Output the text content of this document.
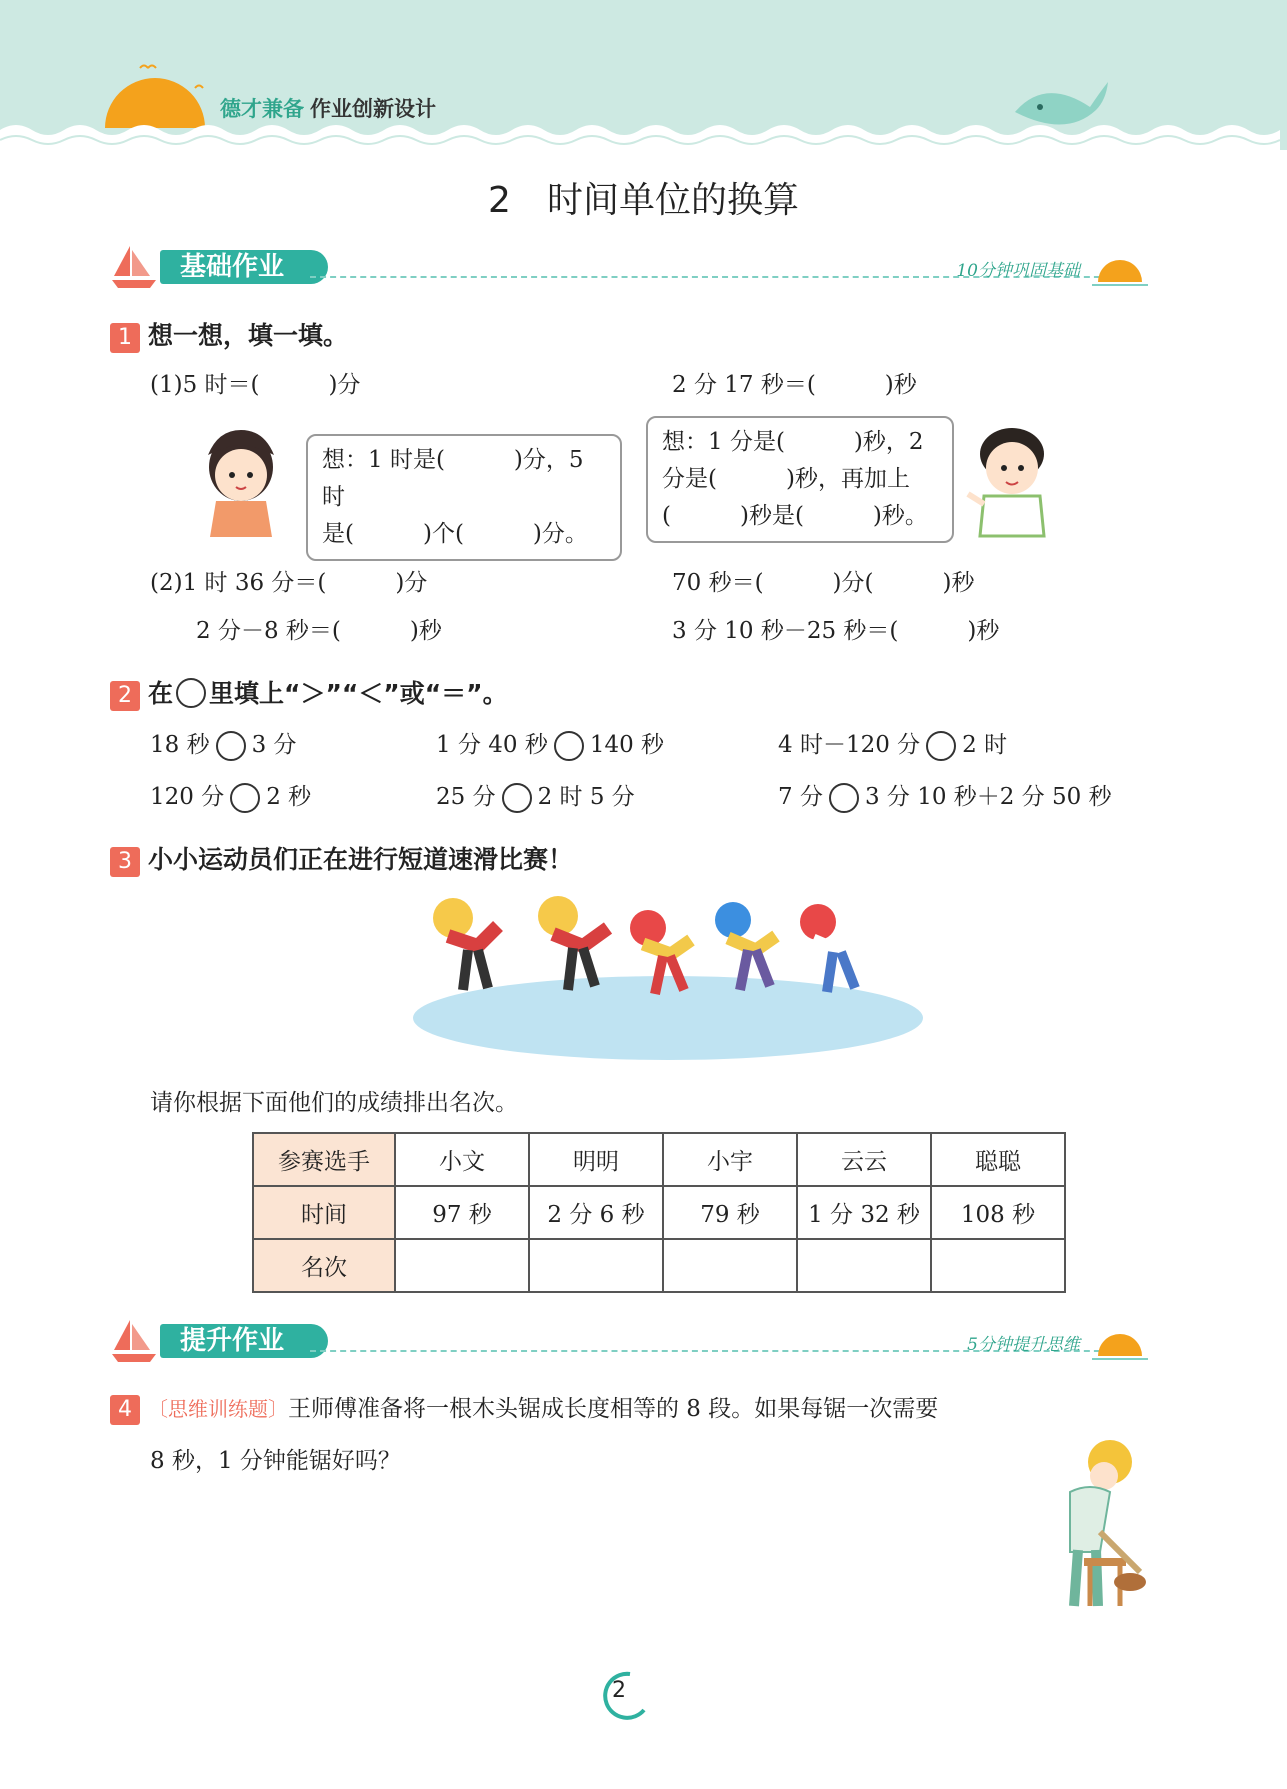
德才兼备 作业创新设计
2　时间单位的换算
基础作业	10分钟巩固基础
1 想一想，填一填。
(1)5 时＝(　　　)分	2 分 17 秒＝(　　　)秒
想：1 时是(　　　)分，5 时
是(　　　)个(　　　)分。
想：1 分是(　　　)秒，2
分是(　　　)秒，再加上
(　　　)秒是(　　　)秒。
(2)1 时 36 分＝(　　　)分	70 秒＝(　　　)分(　　　)秒
2 分－8 秒＝(　　　)秒	3 分 10 秒－25 秒＝(　　　)秒
2 在 里填上“＞”“＜”或“＝”。
18 秒 3 分	1 分 40 秒 140 秒	4 时－120 分 2 时
120 分 2 秒	25 分 2 时 5 分	7 分 3 分 10 秒＋2 分 50 秒
3 小小运动员们正在进行短道速滑比赛！
请你根据下面他们的成绩排出名次。
参赛选手	小文	明明	小宇	云云	聪聪
时间	97 秒	2 分 6 秒	79 秒	1 分 32 秒	108 秒
名次					
提升作业	5分钟提升思维
4 〔思维训练题〕王师傅准备将一根木头锯成长度相等的 8 段。如果每锯一次需要
8 秒，1 分钟能锯好吗？
2
